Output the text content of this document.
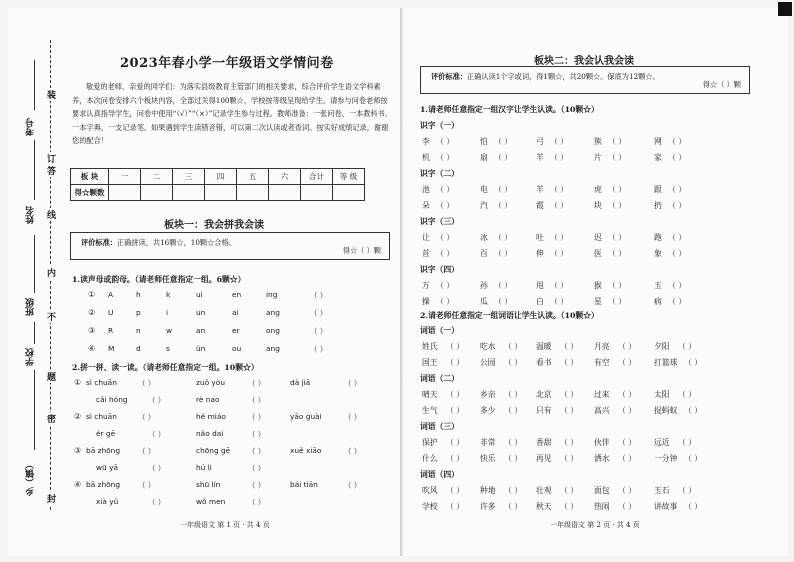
装
订
线
内
不
答
题
密
封
考号
姓名
班级
学校
乡（镇）
2023年春小学一年级语文学情问卷
敬爱的老师、亲爱的同学们：为落实县级教育主管部门的相关要求，综合评价学生语文学科素养，本次问卷安排六个板块内容，全部过关得100颗☆，学校按等级呈现给学生。请参与问卷老师按要求认真指导学生，问卷中使用“（√）”“（×）”记录学生参与过程。教师准备：一张问卷、一本教科书、一本字典、一支记录笔。如果遇到学生读错音错，可以第二次认读或者查词。按实好成绩记录，谢谢您的配合！
板 块	一	二	三	四	五	六	合计	等 级
得☆颗数								
板块一：我会拼我会读
评价标准：正确拼读，共16颗☆，10颗☆合格。
得☆（ ）颗
1.读声母或韵母。（请老师任意指定一组。6颗☆）
① A	h	k	ui	en	ing	（ ）
② U	p	i	un	ai	ang	（ ）
③ R	n	w	an	er	ong	（ ）
④ M	d	s	ün	ou	ang	（ ）
2.拼一拼、读一读。（请老师任意指定一组。10颗☆）
① sì chuān	（ ）	zuǒ yòu	（ ）	dà jiā	（ ）
cǎi hóng	（ ）	rè nao	（ ）
② sì chuān	（ ）	hé miáo	（ ）	yāo guài	（ ）
ér gē	（ ）	nǎo dai	（ ）
③ bā zhōng （ ）	chōng gē （ ）	xuě xiāo	（ ）
wū yā	（ ）	hú li	（ ）
④ bā zhōng （ ）	shū lín	（ ）	bái tiān	（ ）
xià yǔ	（ ）	wǒ men	（ ）
一年级语文 第 1 页 · 共 4 页
板块二：我会认我会读
评价标准：正确认读1个字或词，得1颗☆，共20颗☆。保底为12颗☆。
得☆（ ）颗
1.请老师任意指定一组汉字让学生认读。（10颗☆）
识字（一）
李 （ ）	怕 （ ）	弓 （ ）	熊 （ ）	网 （ ）
机 （ ）	扇 （ ）	羊 （ ）	片 （ ）	家 （ ）
识字（二）
池 （ ）	电 （ ）	羊 （ ）	虎 （ ）	跟 （ ）
朵 （ ）	汽 （ ）	霞 （ ）	块 （ ）	扔 （ ）
识字（三）
让 （ ）	冰 （ ）	吐 （ ）	迟 （ ）	跑 （ ）
首 （ ）	百 （ ）	伸 （ ）	医 （ ）	象 （ ）
识字（四）
万 （ ）	孙 （ ）	甩 （ ）	猴 （ ）	玉 （ ）
操 （ ）	瓜 （ ）	白 （ ）	星 （ ）	病 （ ）
2.请老师任意指定一组词语让学生认读。（10颗☆）
词语（一）
姓氏 （ ） 吃水 （ ） 温暖 （ ） 月亮 （ ） 夕阳 （ ）
国王 （ ） 公园 （ ） 看书 （ ） 有空 （ ） 打篮球 （ ）
词语（二）
晴天 （ ） 乡亲 （ ） 北京 （ ） 过来 （ ） 太阳 （ ）
生气 （ ） 多少 （ ） 只有 （ ） 高兴 （ ） 捉蚂蚁 （ ）
词语（三）
保护 （ ） 非常 （ ） 香甜 （ ） 伙伴 （ ） 远近 （ ）
什么 （ ） 快乐 （ ） 再见 （ ） 洒水 （ ） 一分钟 （ ）
词语（四）
吹风 （ ） 种地 （ ） 壮观 （ ） 面包 （ ） 玉石 （ ）
学校 （ ） 许多 （ ） 秋天 （ ） 热闹 （ ） 讲故事 （ ）
一年级语文 第 2 页 · 共 4 页
